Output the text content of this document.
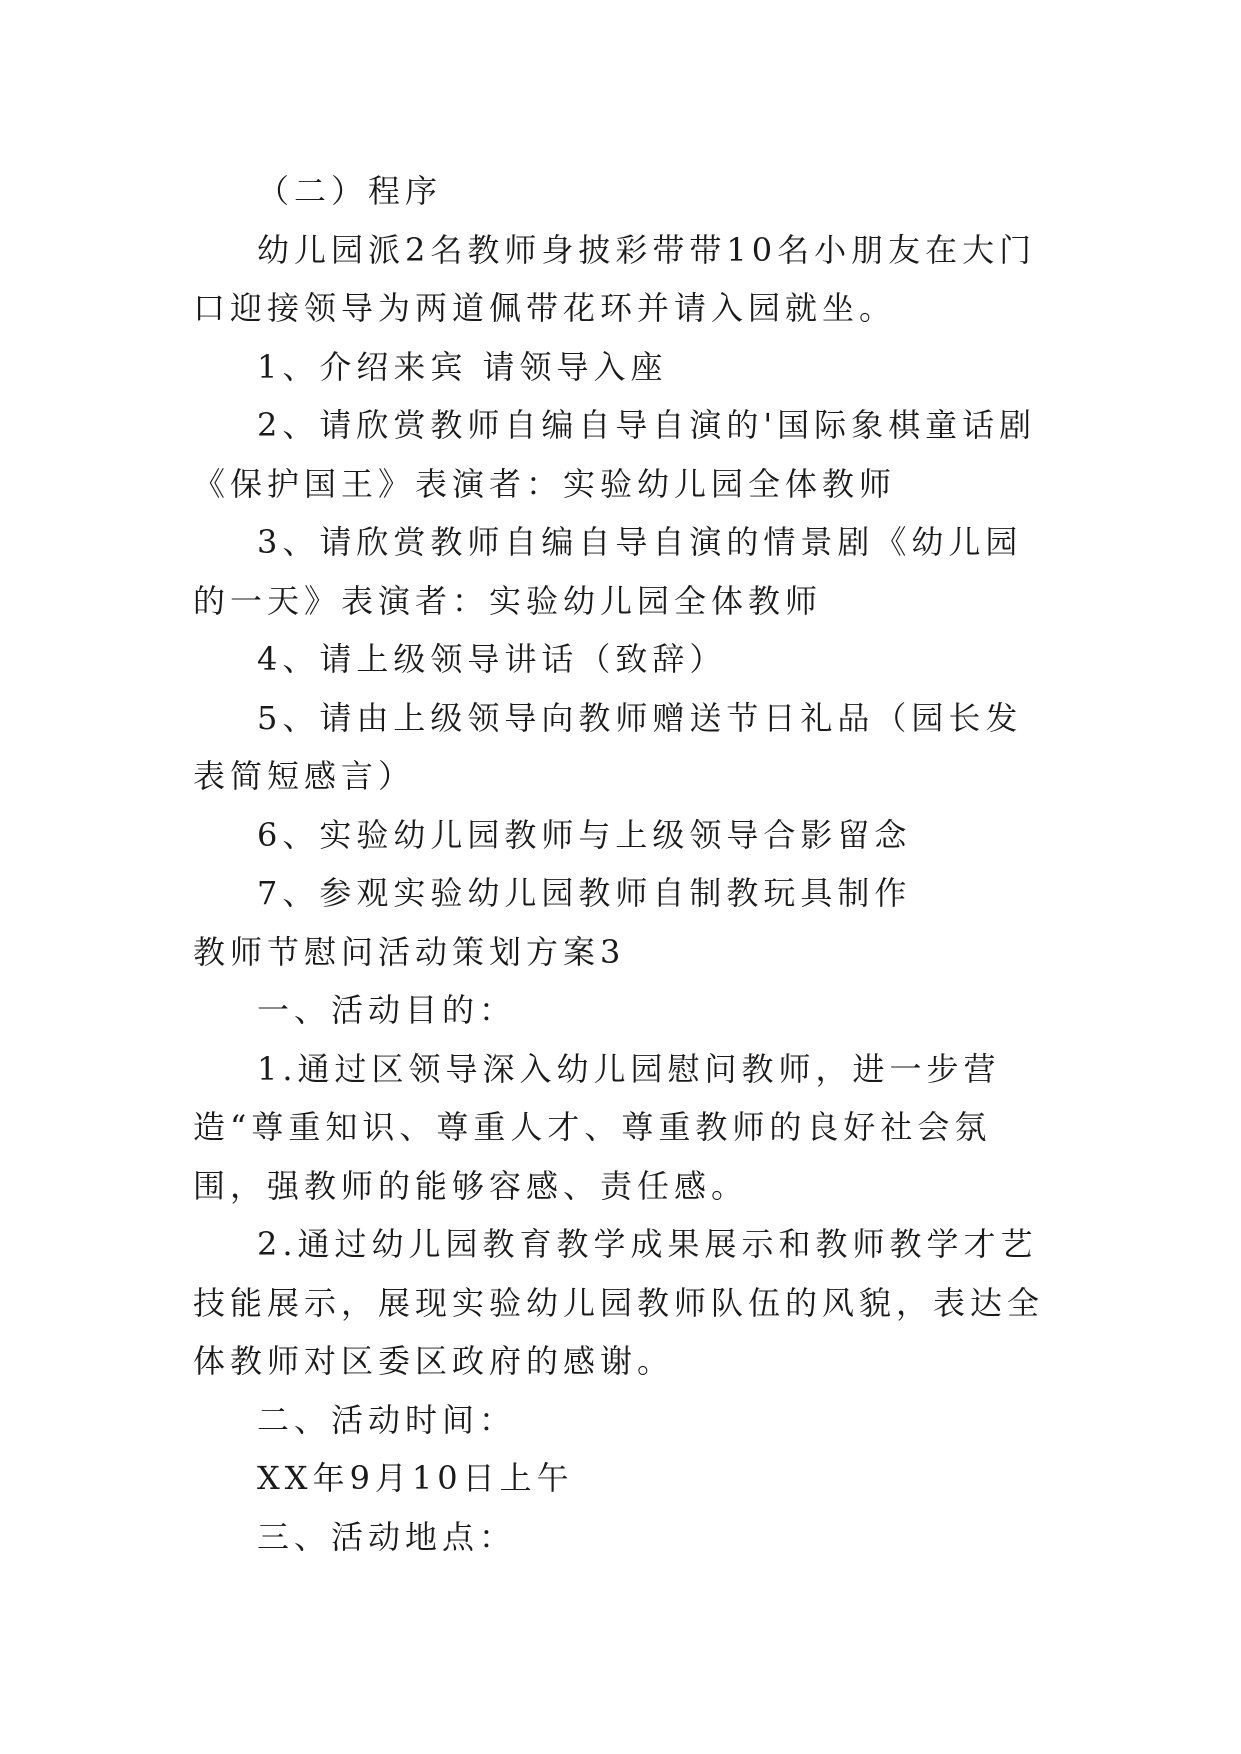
（二）程序

幼儿园派2名教师身披彩带带10名小朋友在大门口迎接领导为两道佩带花环并请入园就坐。

1、介绍来宾 请领导入座

2、请欣赏教师自编自导自演的'国际象棋童话剧《保护国王》表演者：实验幼儿园全体教师

3、请欣赏教师自编自导自演的情景剧《幼儿园的一天》表演者：实验幼儿园全体教师

4、请上级领导讲话（致辞）

5、请由上级领导向教师赠送节日礼品（园长发表简短感言）

6、实验幼儿园教师与上级领导合影留念

7、参观实验幼儿园教师自制教玩具制作

教师节慰问活动策划方案3

一、活动目的：

1.通过区领导深入幼儿园慰问教师，进一步营造“尊重知识、尊重人才、尊重教师的良好社会氛围，强教师的能够容感、责任感。

2.通过幼儿园教育教学成果展示和教师教学才艺技能展示，展现实验幼儿园教师队伍的风貌，表达全体教师对区委区政府的感谢。

二、活动时间：

XX年9月10日上午

三、活动地点：
